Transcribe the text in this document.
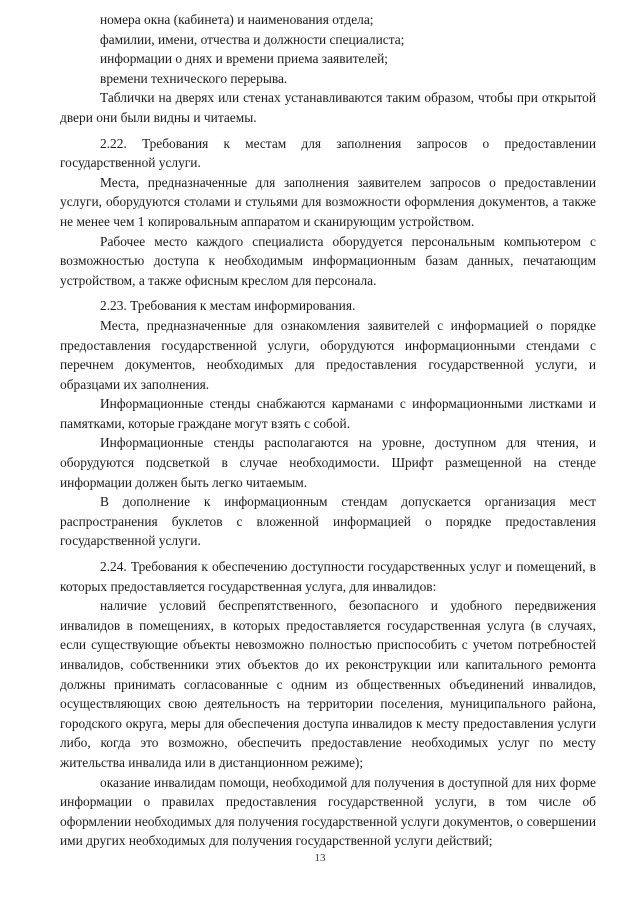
номера окна (кабинета) и наименования отдела;

фамилии, имени, отчества и должности специалиста;

информации о днях и времени приема заявителей;

времени технического перерыва.

Таблички на дверях или стенах устанавливаются таким образом, чтобы при открытой двери они были видны и читаемы.

2.22. Требования к местам для заполнения запросов о предоставлении государственной услуги.

Места, предназначенные для заполнения заявителем запросов о предоставлении услуги, оборудуются столами и стульями для возможности оформления документов, а также не менее чем 1 копировальным аппаратом и сканирующим устройством.

Рабочее место каждого специалиста оборудуется персональным компьютером с возможностью доступа к необходимым информационным базам данных, печатающим устройством, а также офисным креслом для персонала.

2.23. Требования к местам информирования.

Места, предназначенные для ознакомления заявителей с информацией о порядке предоставления государственной услуги, оборудуются информационными стендами с перечнем документов, необходимых для предоставления государственной услуги, и образцами их заполнения.

Информационные стенды снабжаются карманами с информационными листками и памятками, которые граждане могут взять с собой.

Информационные стенды располагаются на уровне, доступном для чтения, и оборудуются подсветкой в случае необходимости. Шрифт размещенной на стенде информации должен быть легко читаемым.

В дополнение к информационным стендам допускается организация мест распространения буклетов с вложенной информацией о порядке предоставления государственной услуги.

2.24. Требования к обеспечению доступности государственных услуг и помещений, в которых предоставляется государственная услуга, для инвалидов:

наличие условий беспрепятственного, безопасного и удобного передвижения инвалидов в помещениях, в которых предоставляется государственная услуга (в случаях, если существующие объекты невозможно полностью приспособить с учетом потребностей инвалидов, собственники этих объектов до их реконструкции или капитального ремонта должны принимать согласованные с одним из общественных объединений инвалидов, осуществляющих свою деятельность на территории поселения, муниципального района, городского округа, меры для обеспечения доступа инвалидов к месту предоставления услуги либо, когда это возможно, обеспечить предоставление необходимых услуг по месту жительства инвалида или в дистанционном режиме);

оказание инвалидам помощи, необходимой для получения в доступной для них форме информации о правилах предоставления государственной услуги, в том числе об оформлении необходимых для получения государственной услуги документов, о совершении ими других необходимых для получения государственной услуги действий;

13
